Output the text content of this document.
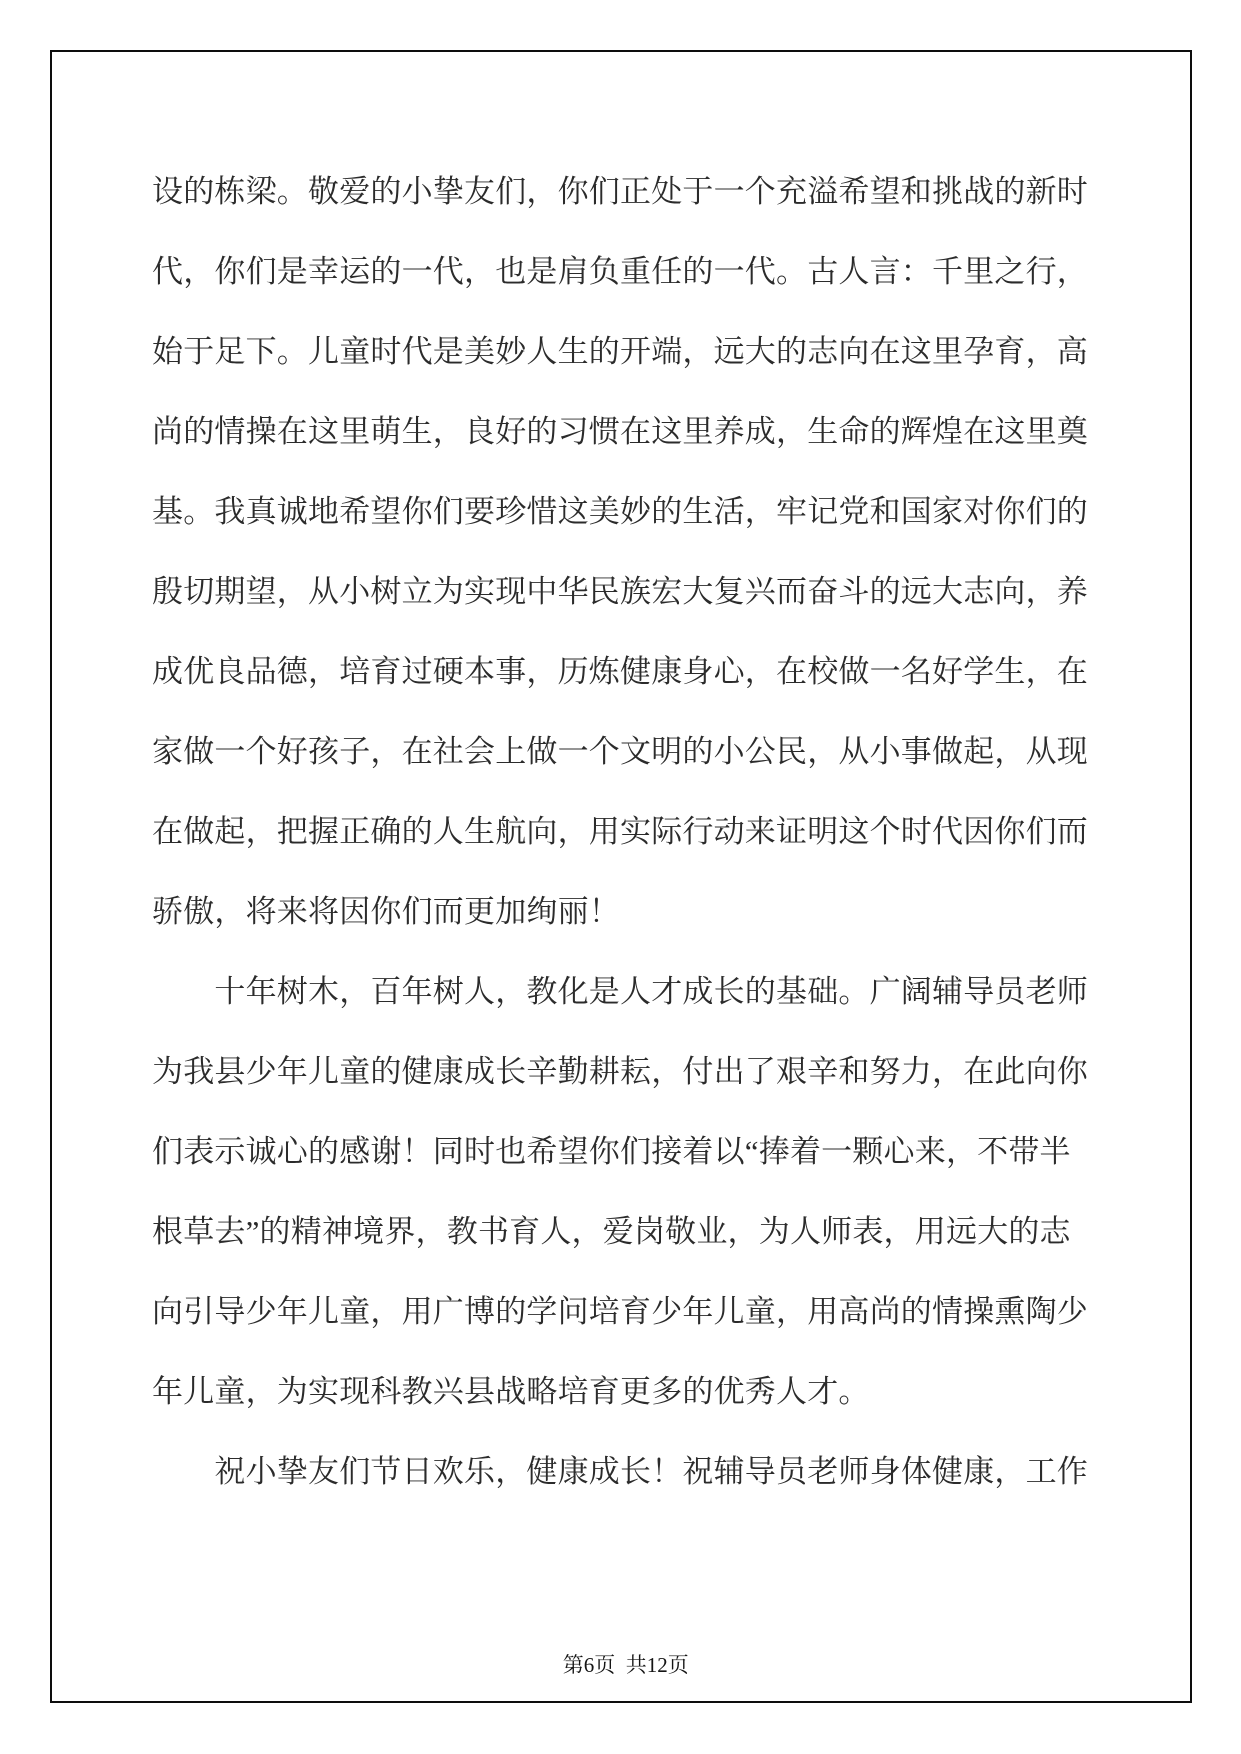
设的栋梁。敬爱的小挚友们，你们正处于一个充溢希望和挑战的新时
代，你们是幸运的一代，也是肩负重任的一代。古人言：千里之行，
始于足下。儿童时代是美妙人生的开端，远大的志向在这里孕育，高
尚的情操在这里萌生，良好的习惯在这里养成，生命的辉煌在这里奠
基。我真诚地希望你们要珍惜这美妙的生活，牢记党和国家对你们的
殷切期望，从小树立为实现中华民族宏大复兴而奋斗的远大志向，养
成优良品德，培育过硬本事，历炼健康身心，在校做一名好学生，在
家做一个好孩子，在社会上做一个文明的小公民，从小事做起，从现
在做起，把握正确的人生航向，用实际行动来证明这个时代因你们而
骄傲，将来将因你们而更加绚丽！
　　十年树木，百年树人，教化是人才成长的基础。广阔辅导员老师
为我县少年儿童的健康成长辛勤耕耘，付出了艰辛和努力，在此向你
们表示诚心的感谢！同时也希望你们接着以“捧着一颗心来，不带半
根草去”的精神境界，教书育人，爱岗敬业，为人师表，用远大的志
向引导少年儿童，用广博的学问培育少年儿童，用高尚的情操熏陶少
年儿童，为实现科教兴县战略培育更多的优秀人才。
　　祝小挚友们节日欢乐，健康成长！祝辅导员老师身体健康，工作

第6页  共12页
